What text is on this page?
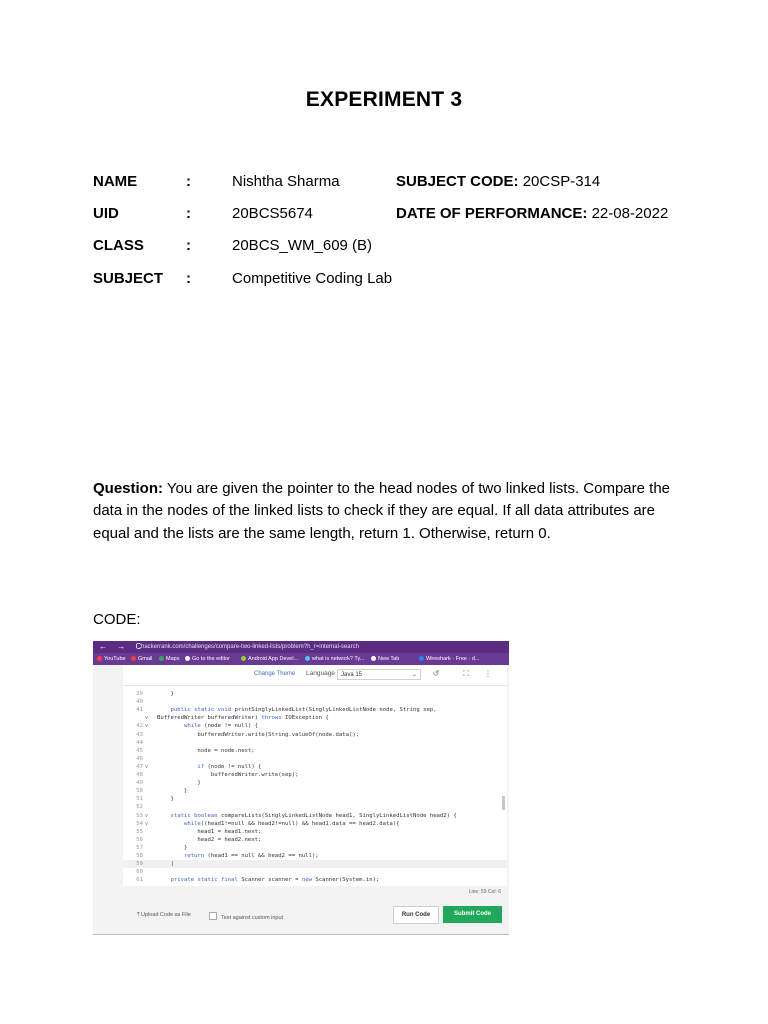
EXPERIMENT 3
NAME	:	Nishtha Sharma	SUBJECT CODE: 20CSP-314
UID	:	20BCS5674	DATE OF PERFORMANCE: 22-08-2022
CLASS	:	20BCS_WM_609 (B)
SUBJECT :	Competitive Coding Lab
Question: You are given the pointer to the head nodes of two linked lists. Compare the data in the nodes of the linked lists to check if they are equal. If all data attributes are equal and the lists are the same length, return 1. Otherwise, return 0.
CODE:
← → C
hackerrank.com/challenges/compare-two-linked-lists/problem?h_r=internal-search
YouTube	Gmail	Maps	Go to the editor	Android App Devel...	what is network? Ty...	New Tab	Wireshark · Free · d...
Change Theme Language	Java 15	⌄ ↺	⛶ ⋮
39	}
40
41	public static void printSinglyLinkedList(SinglyLinkedListNode node, String sep,
v BufferedWriter bufferedWriter) throws IOException {
42 v	while (node != null) {
43	bufferedWriter.write(String.valueOf(node.data));
44
45	node = node.next;
46
47 v	if (node != null) {
48	bufferedWriter.write(sep);
49	}
50	}
51	}
52
53 v	static boolean compareLists(SinglyLinkedListNode head1, SinglyLinkedListNode head2) {
54 v	while((head1!=null && head2!=null) && head1.data == head2.data){
55	head1 = head1.next;
56	head2 = head2.next;
57	}
58	return (head1 == null && head2 == null);
59	|
60
61	private static final Scanner scanner = new Scanner(System.in);
Line: 59 Col: 6
⤒ Upload Code as File	Test against custom input	Run Code	Submit Code
